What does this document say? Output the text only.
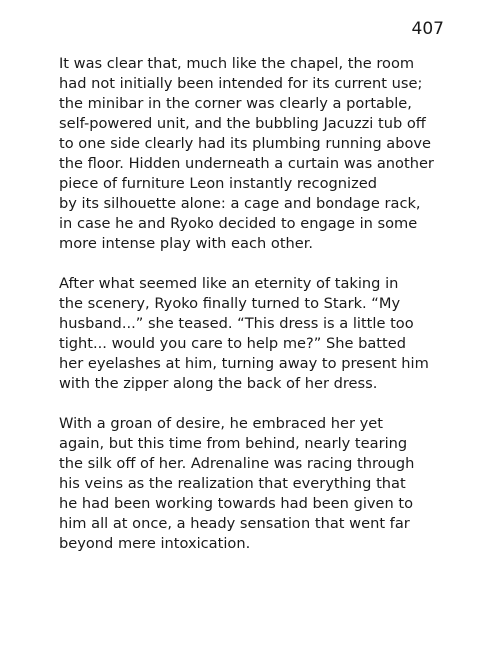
407

It was clear that, much like the chapel, the room
had not initially been intended for its current use;
the minibar in the corner was clearly a portable,
self-powered unit, and the bubbling Jacuzzi tub off
to one side clearly had its plumbing running above
the floor. Hidden underneath a curtain was another
piece of furniture Leon instantly recognized
by its silhouette alone: a cage and bondage rack,
in case he and Ryoko decided to engage in some
more intense play with each other.

After what seemed like an eternity of taking in
the scenery, Ryoko finally turned to Stark. “My
husband...” she teased. “This dress is a little too
tight... would you care to help me?” She batted
her eyelashes at him, turning away to present him
with the zipper along the back of her dress.

With a groan of desire, he embraced her yet
again, but this time from behind, nearly tearing
the silk off of her. Adrenaline was racing through
his veins as the realization that everything that
he had been working towards had been given to
him all at once, a heady sensation that went far
beyond mere intoxication.
